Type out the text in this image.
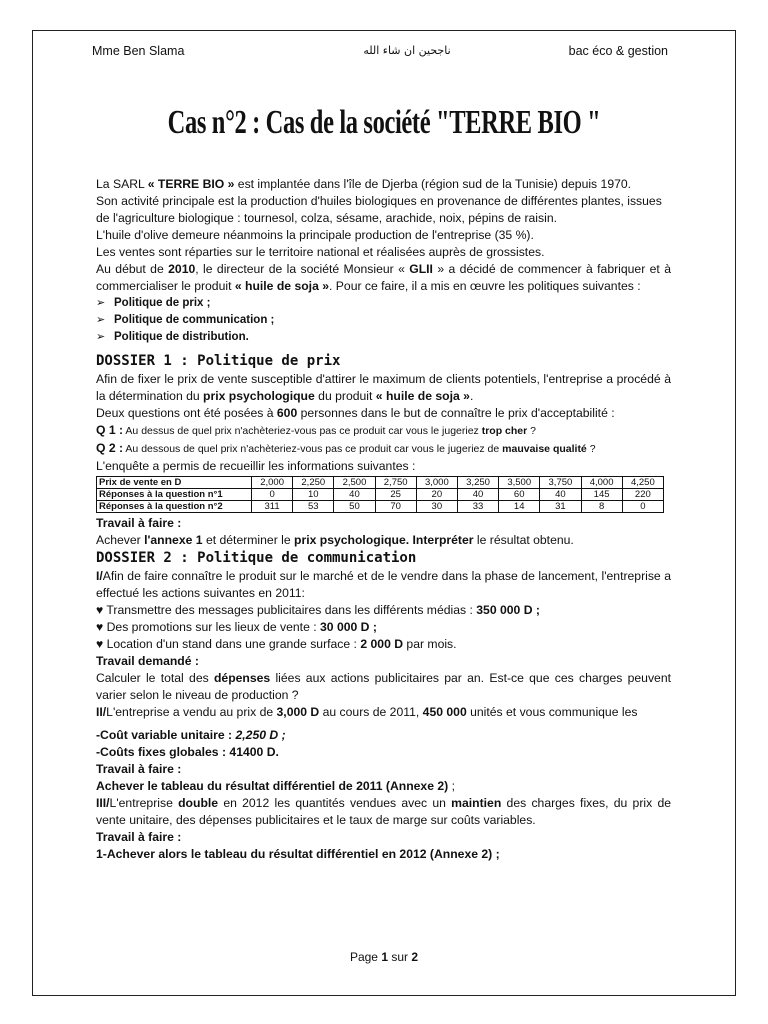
Mme Ben Slama	ناجحين ان شاء الله	bac éco & gestion
Cas n°2 : Cas de la société "TERRE BIO "

La SARL « TERRE BIO » est implantée dans l'île de Djerba (région sud de la Tunisie) depuis 1970.

Son activité principale est la production d'huiles biologiques en provenance de différentes plantes, issues de l'agriculture biologique : tournesol, colza, sésame, arachide, noix, pépins de raisin.

L'huile d'olive demeure néanmoins la principale production de l'entreprise (35 %).

Les ventes sont réparties sur le territoire national et réalisées auprès de grossistes.

Au début de 2010, le directeur de la société Monsieur « GLII » a décidé de commencer à fabriquer et à commercialiser le produit « huile de soja ». Pour ce faire, il a mis en œuvre les politiques suivantes :

➢ Politique de prix ;
➢ Politique de communication ;
➢ Politique de distribution.

DOSSIER 1 : Politique de prix

Afin de fixer le prix de vente susceptible d'attirer le maximum de clients potentiels, l'entreprise a procédé à la détermination du prix psychologique du produit « huile de soja ».

Deux questions ont été posées à 600 personnes dans le but de connaître le prix d'acceptabilité :

Q 1 : Au dessus de quel prix n'achèteriez-vous pas ce produit car vous le jugeriez trop cher ?

Q 2 : Au dessous de quel prix n'achèteriez-vous pas ce produit car vous le jugeriez de mauvaise qualité ?

L'enquête a permis de recueillir les informations suivantes :

Prix de vente en D	2,000	2,250	2,500	2,750	3,000	3,250	3,500	3,750	4,000	4,250
Réponses à la question n°1	0	10	40	25	20	40	60	40	145	220
Réponses à la question n°2	311	53	50	70	30	33	14	31	8	0

Travail à faire :

Achever l'annexe 1 et déterminer le prix psychologique. Interpréter le résultat obtenu.

DOSSIER 2 : Politique de communication

I/Afin de faire connaître le produit sur le marché et de le vendre dans la phase de lancement, l'entreprise a effectué les actions suivantes en 2011:

♥ Transmettre des messages publicitaires dans les différents médias : 350 000 D ;

♥ Des promotions sur les lieux de vente : 30 000 D ;

♥ Location d'un stand dans une grande surface : 2 000 D par mois.

Travail demandé :

Calculer le total des dépenses liées aux actions publicitaires par an. Est-ce que ces charges peuvent varier selon le niveau de production ?

II/L'entreprise a vendu au prix de 3,000 D au cours de 2011, 450 000 unités et vous communique les

-Coût variable unitaire : 2,250 D ;

-Coûts fixes globales : 41400 D.

Travail à faire :

Achever le tableau du résultat différentiel de 2011 (Annexe 2) ;

III/L'entreprise double en 2012 les quantités vendues avec un maintien des charges fixes, du prix de vente unitaire, des dépenses publicitaires et le taux de marge sur coûts variables.

Travail à faire :

1-Achever alors le tableau du résultat différentiel en 2012 (Annexe 2) ;

Page 1 sur 2
